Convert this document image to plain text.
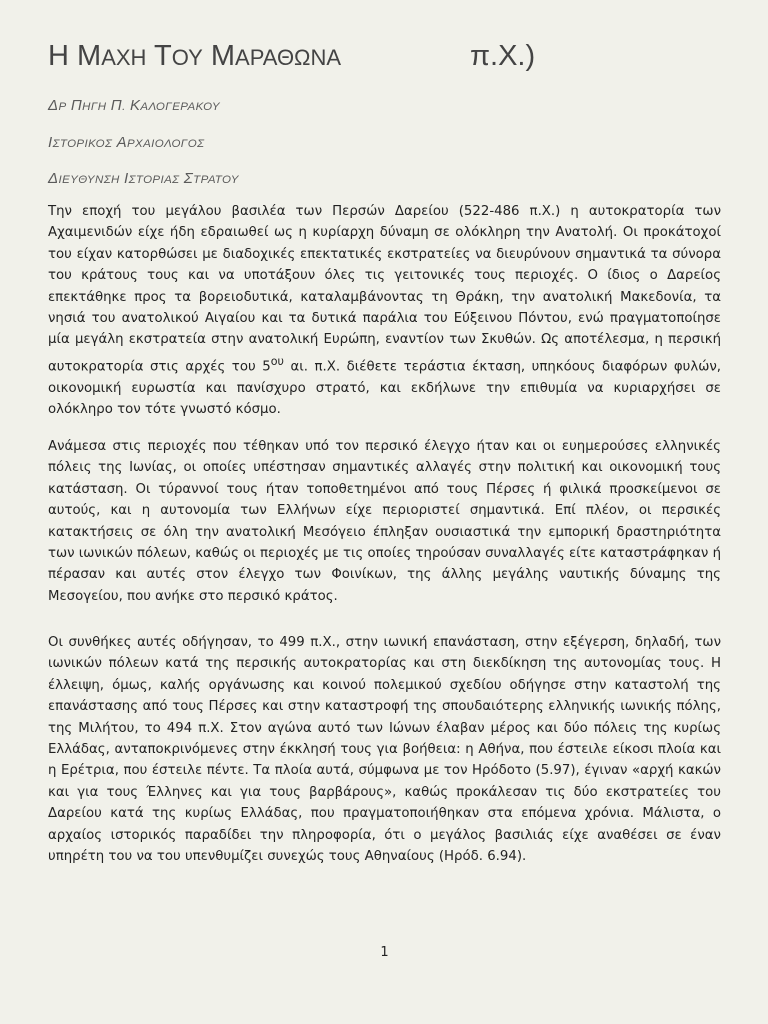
Η ΜΑΧΗ ΤΟΥ ΜΑΡΑΘΩΝΑ	π.Χ.)

ΔΡ ΠΗΓΗ Π. ΚΑΛΟΓΕΡΑΚΟΥ

ΙΣΤΟΡΙΚΟΣ ΑΡΧΑΙΟΛΟΓΟΣ

ΔΙΕΥΘΥΝΣΗ ΙΣΤΟΡΙΑΣ ΣΤΡΑΤΟΥ

Την εποχή του μεγάλου βασιλέα των Περσών Δαρείου (522-486 π.Χ.) η αυτοκρατορία των Αχαιμενιδών είχε ήδη εδραιωθεί ως η κυρίαρχη δύναμη σε ολόκληρη την Ανατολή. Οι προκάτοχοί του είχαν κατορθώσει με διαδοχικές επεκτατικές εκστρατείες να διευρύνουν σημαντικά τα σύνορα του κράτους τους και να υποτάξουν όλες τις γειτονικές τους περιοχές. Ο ίδιος ο Δαρείος επεκτάθηκε προς τα βορειοδυτικά, καταλαμβάνοντας τη Θράκη, την ανατολική Μακεδονία, τα νησιά του ανατολικού Αιγαίου και τα δυτικά παράλια του Εύξεινου Πόντου, ενώ πραγματοποίησε μία μεγάλη εκστρατεία στην ανατολική Ευρώπη, εναντίον των Σκυθών. Ως αποτέλεσμα, η περσική αυτοκρατορία στις αρχές του $5^{o\upsilon}$ αι. π.Χ. διέθετε τεράστια έκταση, υπηκόους διαφόρων φυλών, οικονομική ευρωστία και πανίσχυρο στρατό, και εκδήλωνε την επιθυμία να κυριαρχήσει σε ολόκληρο τον τότε γνωστό κόσμο.

Ανάμεσα στις περιοχές που τέθηκαν υπό τον περσικό έλεγχο ήταν και οι ευημερούσες ελληνικές πόλεις της Ιωνίας, οι οποίες υπέστησαν σημαντικές αλλαγές στην πολιτική και οικονομική τους κατάσταση. Οι τύραννοί τους ήταν τοποθετημένοι από τους Πέρσες ή φιλικά προσκείμενοι σε αυτούς, και η αυτονομία των Ελλήνων είχε περιοριστεί σημαντικά. Επί πλέον, οι περσικές κατακτήσεις σε όλη την ανατολική Μεσόγειο έπληξαν ουσιαστικά την εμπορική δραστηριότητα των ιωνικών πόλεων, καθώς οι περιοχές με τις οποίες τηρούσαν συναλλαγές είτε καταστράφηκαν ή πέρασαν και αυτές στον έλεγχο των Φοινίκων, της άλλης μεγάλης ναυτικής δύναμης της Μεσογείου, που ανήκε στο περσικό κράτος.

Οι συνθήκες αυτές οδήγησαν, το 499 π.Χ., στην ιωνική επανάσταση, στην εξέγερση, δηλαδή, των ιωνικών πόλεων κατά της περσικής αυτοκρατορίας και στη διεκδίκηση της αυτονομίας τους. Η έλλειψη, όμως, καλής οργάνωσης και κοινού πολεμικού σχεδίου οδήγησε στην καταστολή της επανάστασης από τους Πέρσες και στην καταστροφή της σπουδαιότερης ελληνικής ιωνικής πόλης, της Μιλήτου, το 494 π.Χ. Στον αγώνα αυτό των Ιώνων έλαβαν μέρος και δύο πόλεις της κυρίως Ελλάδας, ανταποκρινόμενες στην έκκλησή τους για βοήθεια: η Αθήνα, που έστειλε είκοσι πλοία και η Ερέτρια, που έστειλε πέντε. Τα πλοία αυτά, σύμφωνα με τον Ηρόδοτο (5.97), έγιναν «αρχή κακών και για τους Έλληνες και για τους βαρβάρους», καθώς προκάλεσαν τις δύο εκστρατείες του Δαρείου κατά της κυρίως Ελλάδας, που πραγματοποιήθηκαν στα επόμενα χρόνια. Μάλιστα, ο αρχαίος ιστορικός παραδίδει την πληροφορία, ότι ο μεγάλος βασιλιάς είχε αναθέσει σε έναν υπηρέτη του να του υπενθυμίζει συνεχώς τους Αθηναίους (Ηρόδ. 6.94).

1
